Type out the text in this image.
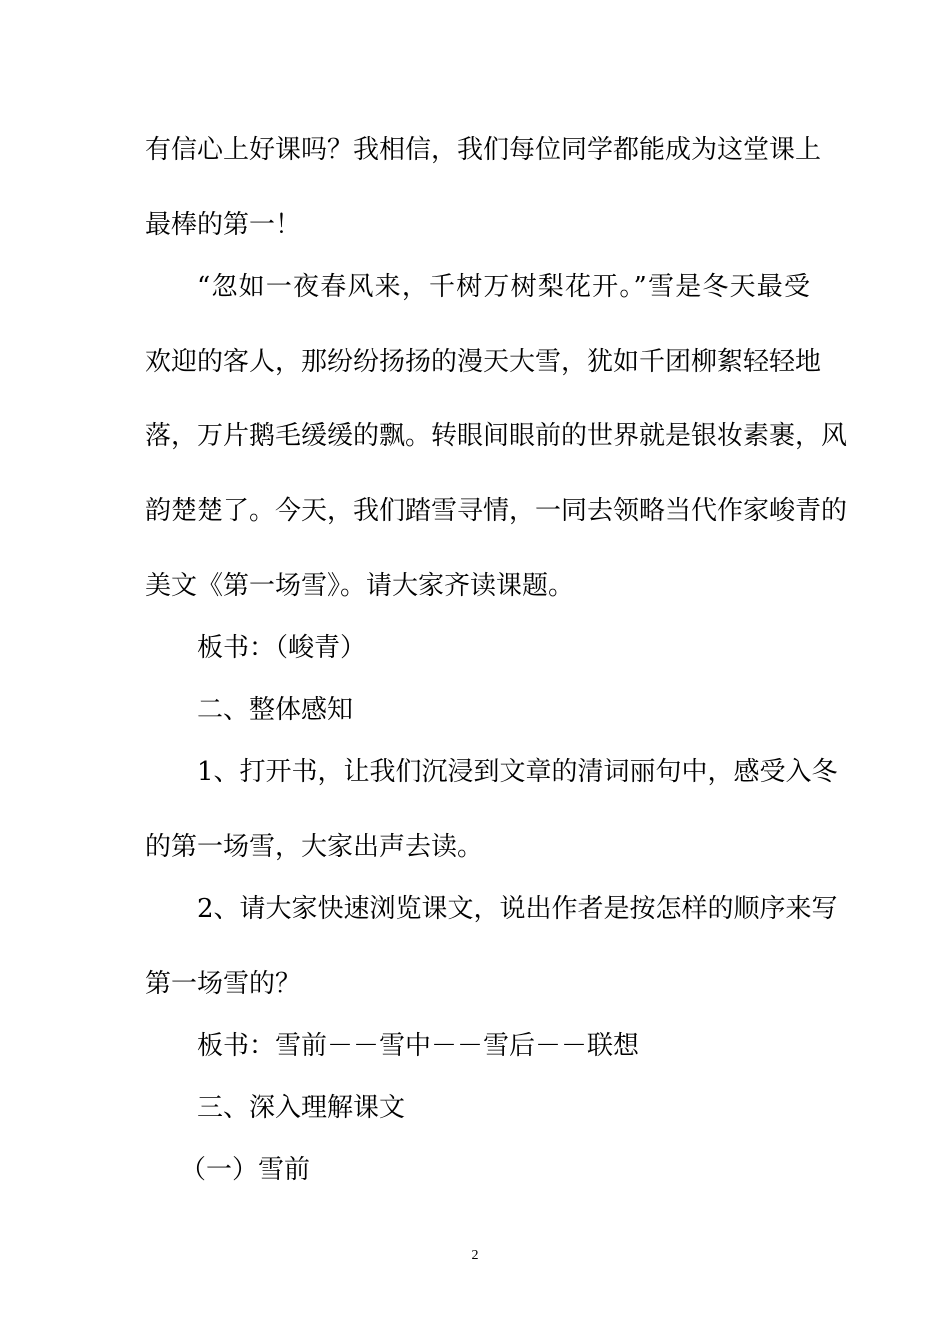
有信心上好课吗？我相信，我们每位同学都能成为这堂课上
最棒的第一！
“忽如一夜春风来，千树万树梨花开。”雪是冬天最受
欢迎的客人，那纷纷扬扬的漫天大雪，犹如千团柳絮轻轻地
落，万片鹅毛缓缓的飘。转眼间眼前的世界就是银妆素裹，风
韵楚楚了。今天，我们踏雪寻情，一同去领略当代作家峻青的
美文《第一场雪》。请大家齐读课题。
板书：（峻青）
二、整体感知
1、打开书，让我们沉浸到文章的清词丽句中，感受入冬
的第一场雪，大家出声去读。
2、请大家快速浏览课文，说出作者是按怎样的顺序来写
第一场雪的？
板书：雪前－－雪中－－雪后－－联想
三、深入理解课文
（一）雪前
2
